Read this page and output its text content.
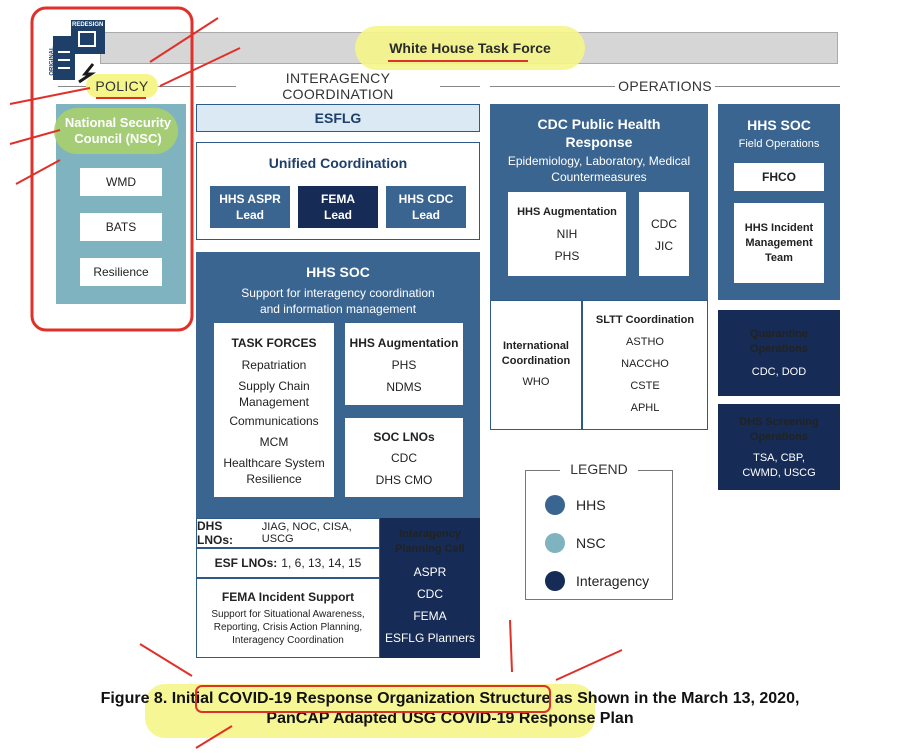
White House Task Force
REDESIGN
ORIGINAL
POLICY	INTERAGENCY COORDINATION	OPERATIONS
National Security Council (NSC)
WMD
BATS
Resilience
ESFLG
Unified Coordination
HHS ASPR Lead
FEMA Lead
HHS CDC Lead
HHS SOC
Support for interagency coordination and information management
TASK FORCES
Repatriation
Supply Chain Management
Communications
MCM
Healthcare System Resilience
HHS Augmentation
PHS
NDMS
SOC LNOs
CDC
DHS CMO
DHS LNOs:
JIAG, NOC, CISA, USCG
ESF LNOs: 1, 6, 13, 14, 15
FEMA Incident Support
Support for Situational Awareness, Reporting, Crisis Action Planning, Interagency Coordination
Interagency Planning Cell
ASPR
CDC
FEMA
ESFLG Planners
CDC Public Health Response
Epidemiology, Laboratory, Medical Countermeasures
HHS Augmentation
NIH
PHS
CDC
JIC
International Coordination
WHO
SLTT Coordination
ASTHO
NACCHO
CSTE
APHL
HHS SOC
Field Operations
FHCO
HHS Incident Management Team
Quarantine Operations
CDC, DOD
DHS Screening Operations
TSA, CBP, CWMD, USCG
LEGEND
HHS
NSC
Interagency
Figure 8. Initial COVID-19 Response Organization Structure as Shown in the March 13, 2020,
PanCAP Adapted USG COVID-19 Response Plan
